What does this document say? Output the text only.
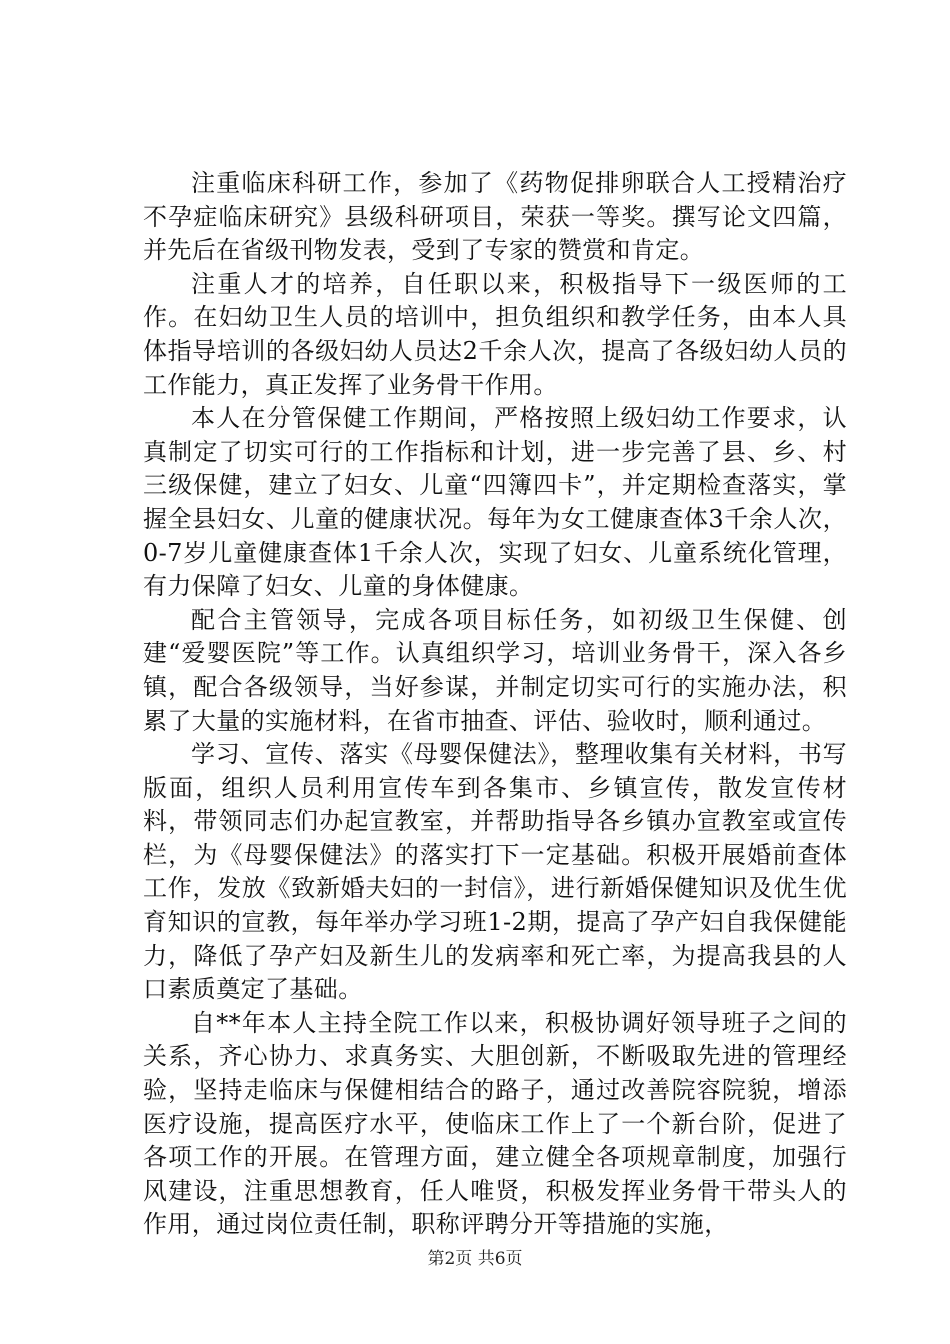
注重临床科研工作，参加了《药物促排卵联合人工授精治疗不孕症临床研究》县级科研项目，荣获一等奖。撰写论文四篇，并先后在省级刊物发表，受到了专家的赞赏和肯定。

注重人才的培养，自任职以来，积极指导下一级医师的工作。在妇幼卫生人员的培训中，担负组织和教学任务，由本人具体指导培训的各级妇幼人员达2千余人次，提高了各级妇幼人员的工作能力，真正发挥了业务骨干作用。

本人在分管保健工作期间，严格按照上级妇幼工作要求，认真制定了切实可行的工作指标和计划，进一步完善了县、乡、村三级保健，建立了妇女、儿童“四簿四卡”，并定期检查落实，掌握全县妇女、儿童的健康状况。每年为女工健康查体3千余人次，0-7岁儿童健康查体1千余人次，实现了妇女、儿童系统化管理，有力保障了妇女、儿童的身体健康。

配合主管领导，完成各项目标任务，如初级卫生保健、创建“爱婴医院”等工作。认真组织学习，培训业务骨干，深入各乡镇，配合各级领导，当好参谋，并制定切实可行的实施办法，积累了大量的实施材料，在省市抽查、评估、验收时，顺利通过。

学习、宣传、落实《母婴保健法》，整理收集有关材料，书写版面，组织人员利用宣传车到各集市、乡镇宣传，散发宣传材料，带领同志们办起宣教室，并帮助指导各乡镇办宣教室或宣传栏，为《母婴保健法》的落实打下一定基础。积极开展婚前查体工作，发放《致新婚夫妇的一封信》，进行新婚保健知识及优生优育知识的宣教，每年举办学习班1-2期，提高了孕产妇自我保健能力，降低了孕产妇及新生儿的发病率和死亡率，为提高我县的人口素质奠定了基础。

自**年本人主持全院工作以来，积极协调好领导班子之间的关系，齐心协力、求真务实、大胆创新，不断吸取先进的管理经验，坚持走临床与保健相结合的路子，通过改善院容院貌，增添医疗设施，提高医疗水平，使临床工作上了一个新台阶，促进了各项工作的开展。在管理方面，建立健全各项规章制度，加强行风建设，注重思想教育，任人唯贤，积极发挥业务骨干带头人的作用，通过岗位责任制，职称评聘分开等措施的实施，

第2页 共6页
